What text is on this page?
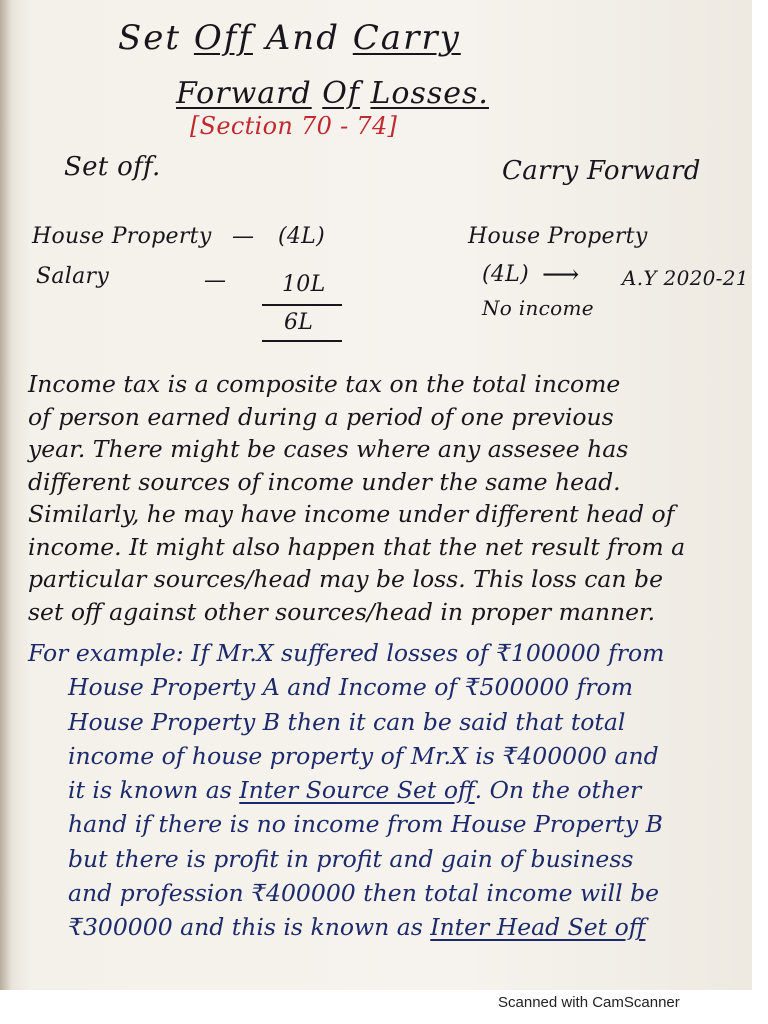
Set Off And Carry
Forward Of Losses.
[Section 70 - 74]
Set off.
House Property — (4L)
Salary	—	10L
6L
Carry Forward
House Property
(4L) ⟶ A.Y 2020-21
No income
Income tax is a composite tax on the total income
of person earned during a period of one previous
year. There might be cases where any assesee has
different sources of income under the same head.
Similarly, he may have income under different head of
income. It might also happen that the net result from a
particular sources/head may be loss. This loss can be
set off against other sources/head in proper manner.
For example: If Mr.X suffered losses of ₹100000 from
House Property A and Income of ₹500000 from
House Property B then it can be said that total
income of house property of Mr.X is ₹400000 and
it is known as Inter Source Set off. On the other
hand if there is no income from House Property B
but there is profit in profit and gain of business
and profession ₹400000 then total income will be
₹300000 and this is known as Inter Head Set off
Scanned with CamScanner
